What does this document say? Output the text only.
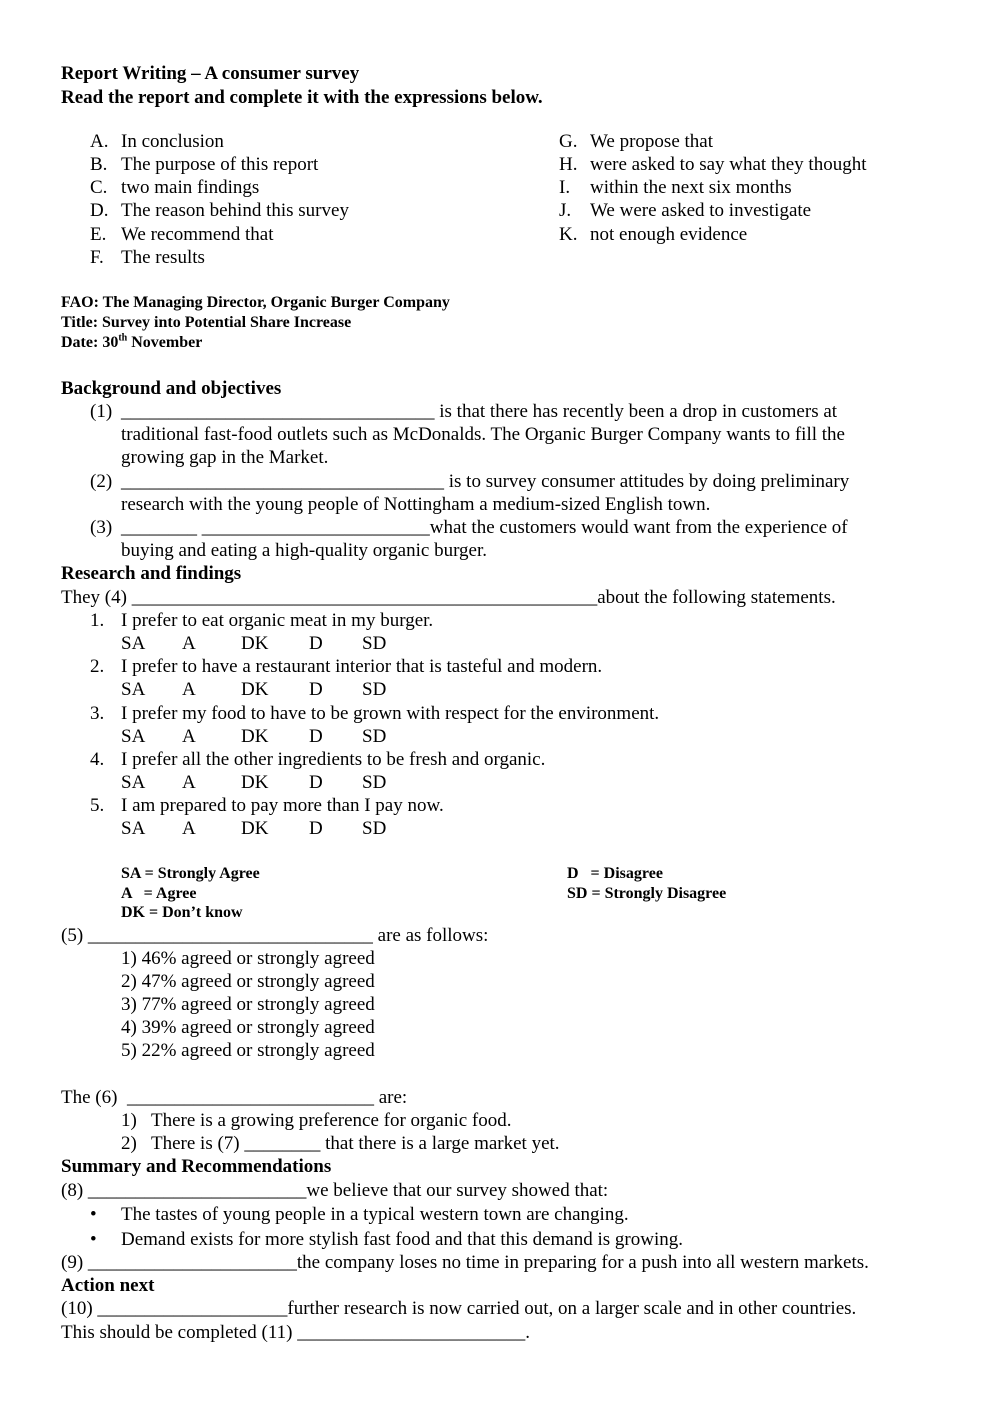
Report Writing – A consumer survey
Read the report and complete it with the expressions below.
A. In conclusion
B. The purpose of this report
C. two main findings
D. The reason behind this survey
E. We recommend that
F. The results
G. We propose that
H. were asked to say what they thought
I. within the next six months
J. We were asked to investigate
K. not enough evidence
FAO: The Managing Director, Organic Burger Company
Title: Survey into Potential Share Increase
Date: 30th November
Background and objectives
(1) _________________________________ is that there has recently been a drop in customers at
traditional fast-food outlets such as McDonalds. The Organic Burger Company wants to fill the
growing gap in the Market.
(2) __________________________________ is to survey consumer attitudes by doing preliminary
research with the young people of Nottingham a medium-sized English town.
(3) ________ ________________________what the customers would want from the experience of
buying and eating a high-quality organic burger.
Research and findings
They (4) _________________________________________________about the following statements.
1. I prefer to eat organic meat in my burger.
SA A DK D SD
2. I prefer to have a restaurant interior that is tasteful and modern.
SA A DK D SD
3. I prefer my food to have to be grown with respect for the environment.
SA A DK D SD
4. I prefer all the other ingredients to be fresh and organic.
SA A DK D SD
5. I am prepared to pay more than I pay now.
SA A DK D SD
SA = Strongly Agree
A   = Agree
DK = Don’t know
D   = Disagree
SD = Strongly Disagree
(5) ______________________________ are as follows:
1) 46% agreed or strongly agreed
2) 47% agreed or strongly agreed
3) 77% agreed or strongly agreed
4) 39% agreed or strongly agreed
5) 22% agreed or strongly agreed
The (6)  __________________________ are:
1) There is a growing preference for organic food.
2) There is (7) ________ that there is a large market yet.
Summary and Recommendations
(8) _______________________we believe that our survey showed that:
• The tastes of young people in a typical western town are changing.
• Demand exists for more stylish fast food and that this demand is growing.
(9) ______________________the company loses no time in preparing for a push into all western markets.
Action next
(10) ____________________further research is now carried out, on a larger scale and in other countries.
This should be completed (11) ________________________.
